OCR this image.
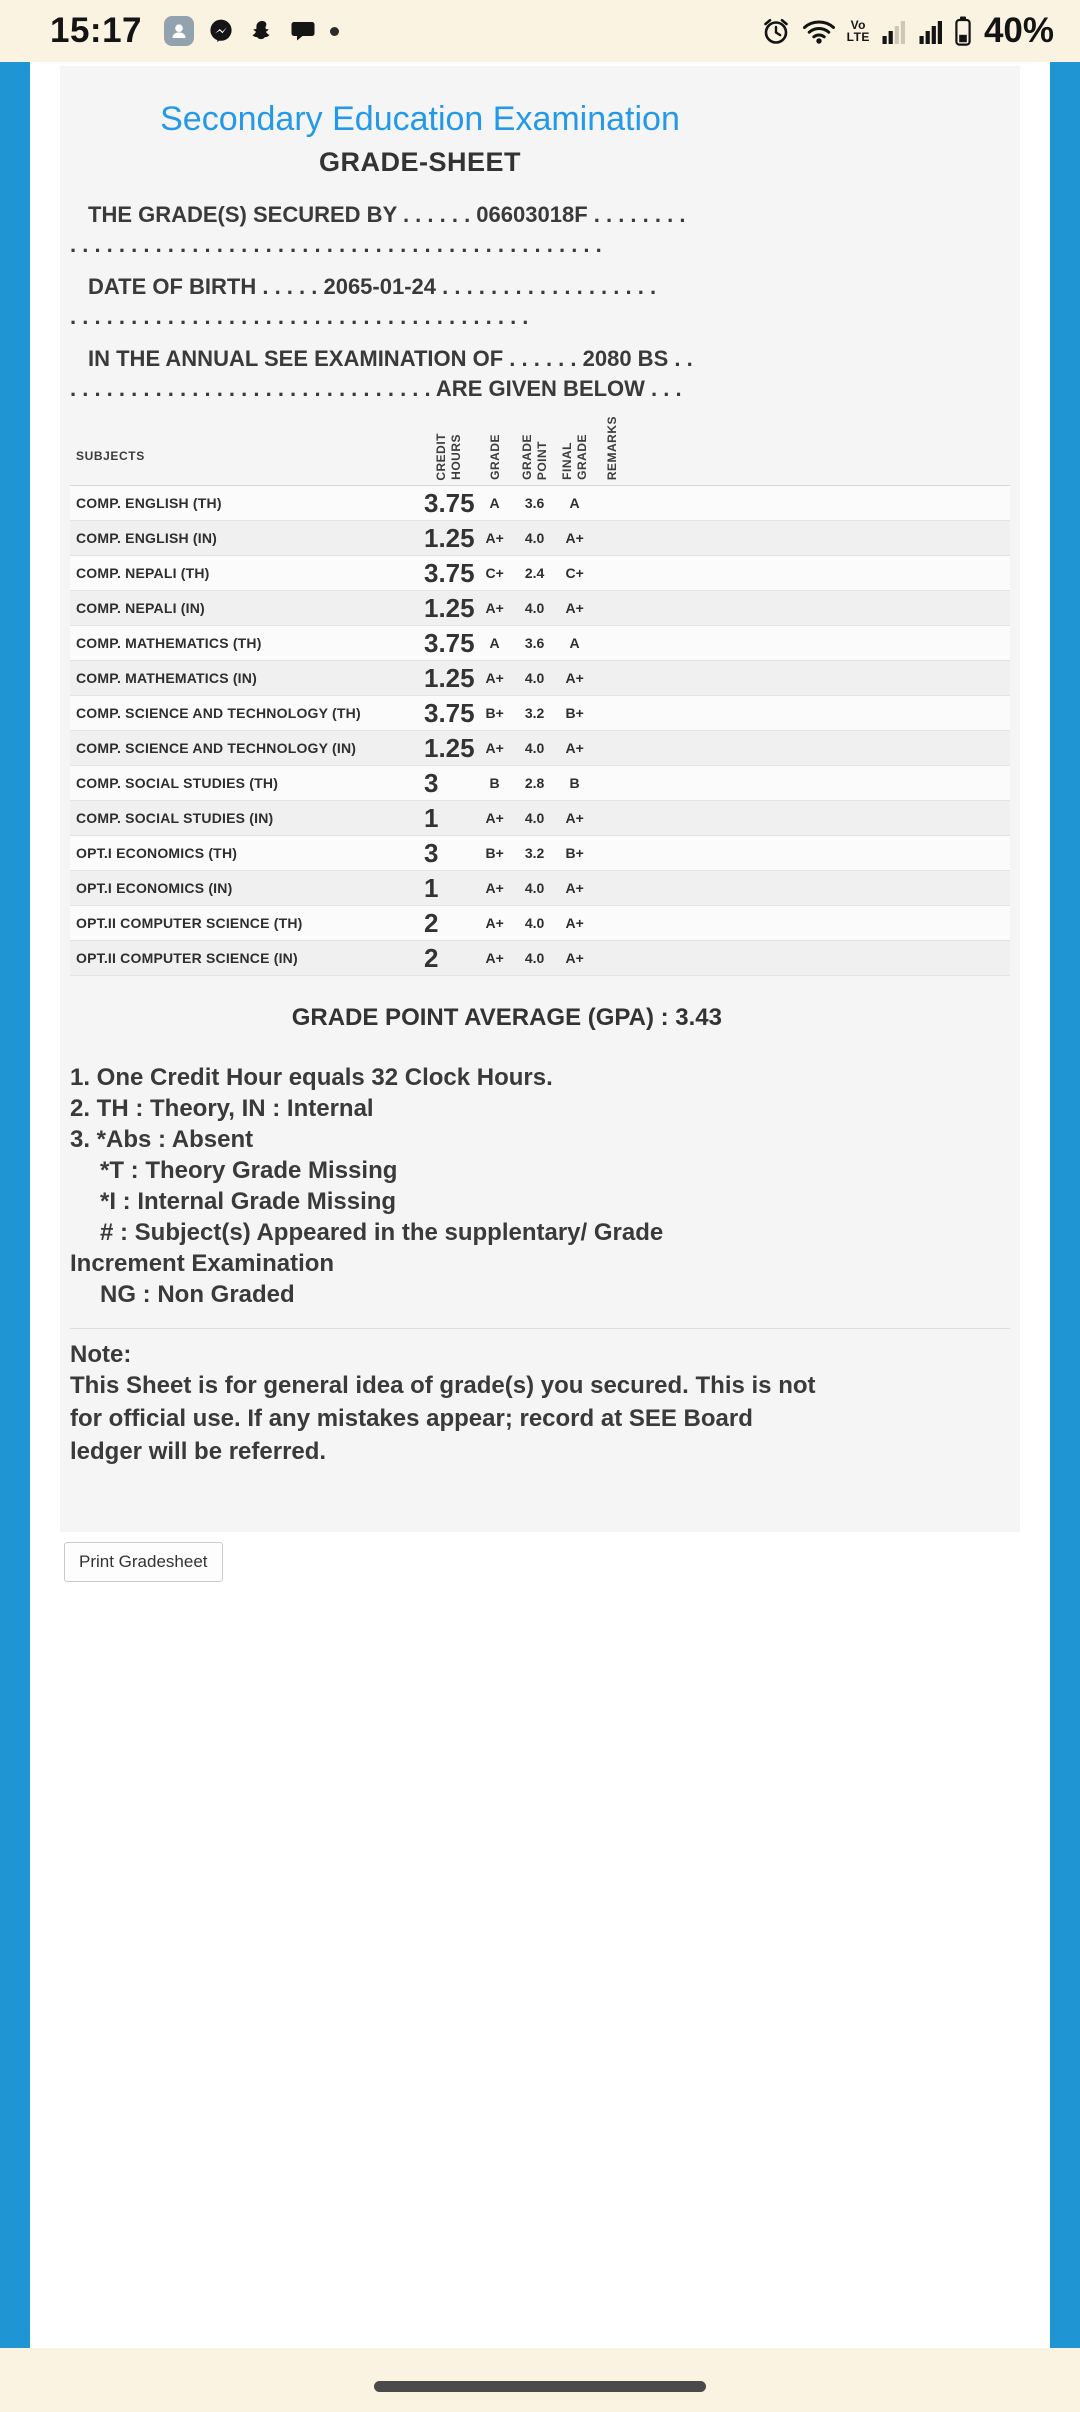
15:17	Vo
LTE	40%
Secondary Education Examination
GRADE-SHEET
THE GRADE(S) SECURED BY . . . . . . 06603018F . . . . . . . .
. . . . . . . . . . . . . . . . . . . . . . . . . . . . . . . . . . . . . . . . . . . .
DATE OF BIRTH . . . . . 2065-01-24 . . . . . . . . . . . . . . . . . .
. . . . . . . . . . . . . . . . . . . . . . . . . . . . . . . . . . . . . .
IN THE ANNUAL SEE EXAMINATION OF . . . . . . 2080 BS . .
. . . . . . . . . . . . . . . . . . . . . . . . . . . . . . ARE GIVEN BELOW . . .
SUBJECTS	CREDIT HOURS	GRADE	GRADE POINT	FINAL GRADE	REMARKS

COMP. ENGLISH (TH)	3.75	A	3.6	A	
COMP. ENGLISH (IN)	1.25	A+	4.0	A+	
COMP. NEPALI (TH)	3.75	C+	2.4	C+	
COMP. NEPALI (IN)	1.25	A+	4.0	A+	
COMP. MATHEMATICS (TH)	3.75	A	3.6	A	
COMP. MATHEMATICS (IN)	1.25	A+	4.0	A+	
COMP. SCIENCE AND TECHNOLOGY (TH)	3.75	B+	3.2	B+	
COMP. SCIENCE AND TECHNOLOGY (IN)	1.25	A+	4.0	A+	
COMP. SOCIAL STUDIES (TH)	3	B	2.8	B	
COMP. SOCIAL STUDIES (IN)	1	A+	4.0	A+	
OPT.I ECONOMICS (TH)	3	B+	3.2	B+	
OPT.I ECONOMICS (IN)	1	A+	4.0	A+	
OPT.II COMPUTER SCIENCE (TH)	2	A+	4.0	A+	
OPT.II COMPUTER SCIENCE (IN)	2	A+	4.0	A+	
GRADE POINT AVERAGE (GPA) : 3.43
1. One Credit Hour equals 32 Clock Hours.
2. TH : Theory, IN : Internal
3. *Abs : Absent
*T : Theory Grade Missing
*I : Internal Grade Missing
# : Subject(s) Appeared in the supplentary/ Grade
Increment Examination
NG : Non Graded
Note:
This Sheet is for general idea of grade(s) you secured. This is not for official use. If any mistakes appear; record at SEE Board ledger will be referred.
Print Gradesheet
